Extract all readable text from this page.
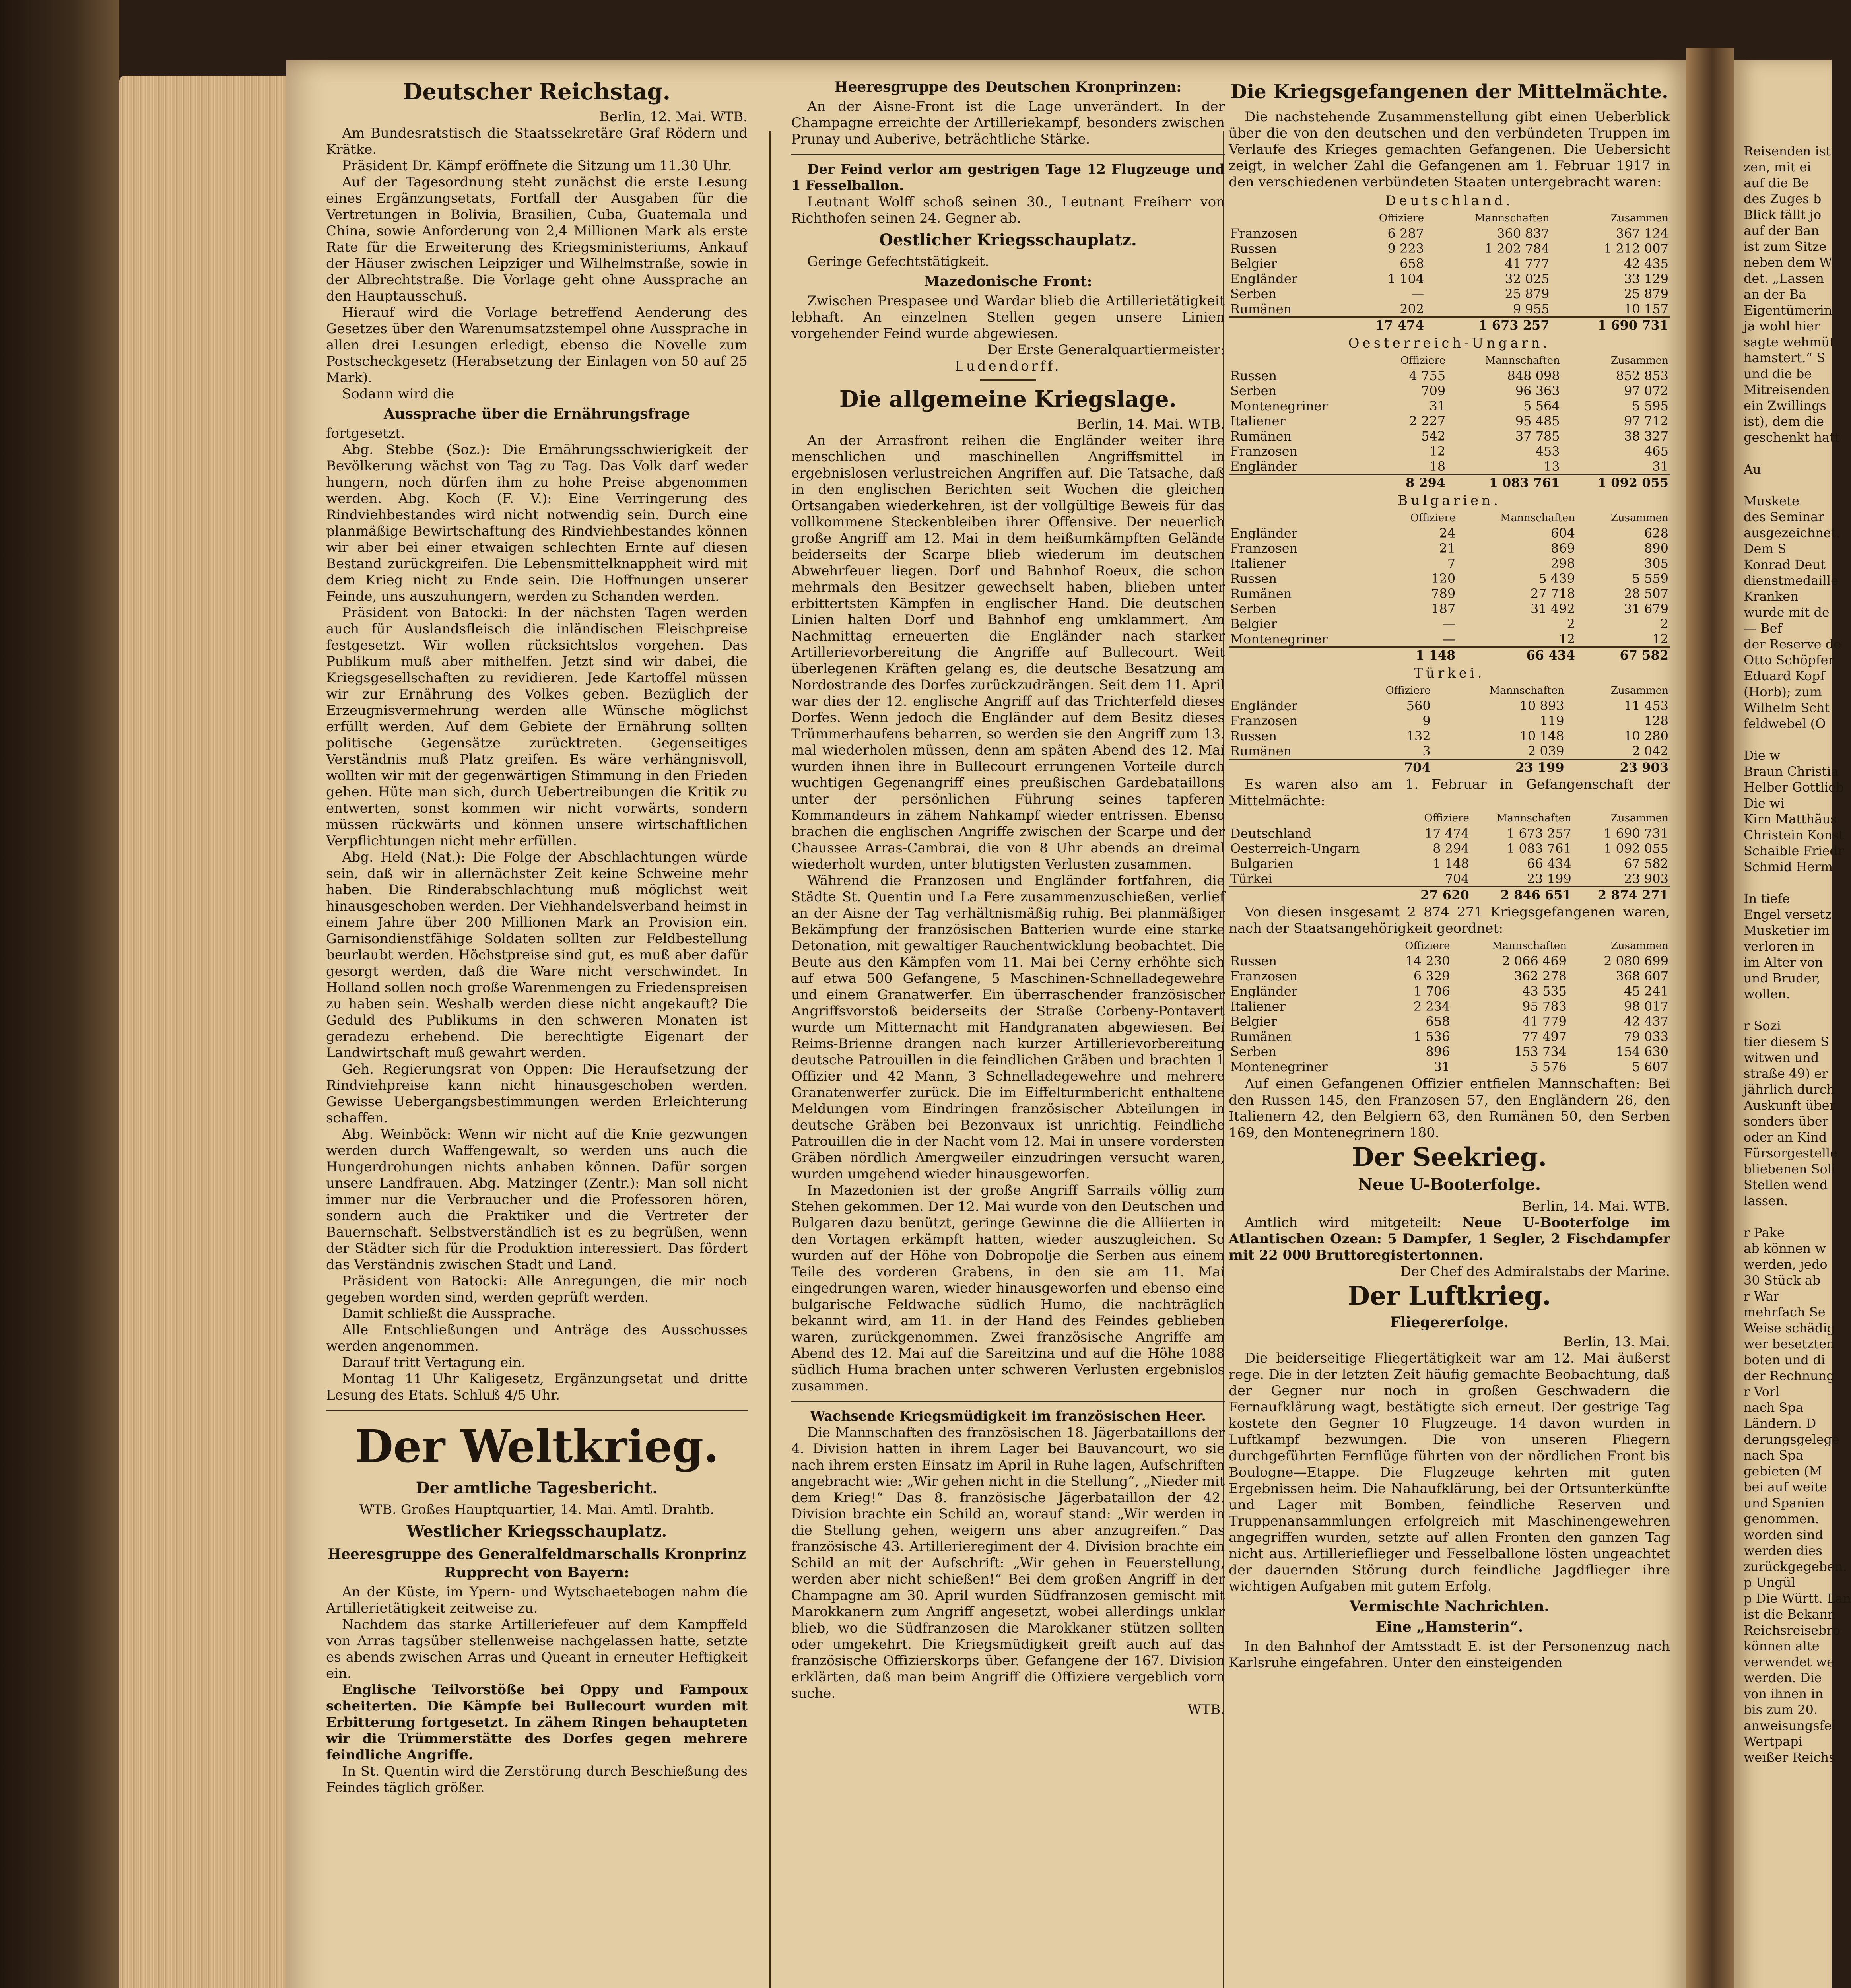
Deutscher Reichstag.

Berlin, 12. Mai. WTB.

Am Bundesratstisch die Staatssekretäre Graf Rödern und Krätke.

Präsident Dr. Kämpf eröffnete die Sitzung um 11.30 Uhr.

Auf der Tagesordnung steht zunächst die erste Lesung eines Ergänzungsetats, Fortfall der Ausgaben für die Vertretungen in Bolivia, Brasilien, Cuba, Guatemala und China, sowie Anforderung von 2,4 Millionen Mark als erste Rate für die Erweiterung des Kriegsministeriums, Ankauf der Häuser zwischen Leipziger und Wilhelmstraße, sowie in der Albrechtstraße. Die Vorlage geht ohne Aussprache an den Hauptausschuß.

Hierauf wird die Vorlage betreffend Aenderung des Gesetzes über den Warenumsatzstempel ohne Aussprache in allen drei Lesungen erledigt, ebenso die Novelle zum Postscheckgesetz (Herabsetzung der Einlagen von 50 auf 25 Mark).

Sodann wird die

Aussprache über die Ernährungsfrage

fortgesetzt.

Abg. Stebbe (Soz.): Die Ernährungsschwierigkeit der Bevölkerung wächst von Tag zu Tag. Das Volk darf weder hungern, noch dürfen ihm zu hohe Preise abgenommen werden. Abg. Koch (F. V.): Eine Verringerung des Rindviehbestandes wird nicht notwendig sein. Durch eine planmäßige Bewirtschaftung des Rindviehbestandes können wir aber bei einer etwaigen schlechten Ernte auf diesen Bestand zurückgreifen. Die Lebensmittelknappheit wird mit dem Krieg nicht zu Ende sein. Die Hoffnungen unserer Feinde, uns auszuhungern, werden zu Schanden werden.

Präsident von Batocki: In der nächsten Tagen werden auch für Auslandsfleisch die inländischen Fleischpreise festgesetzt. Wir wollen rücksichtslos vorgehen. Das Publikum muß aber mithelfen. Jetzt sind wir dabei, die Kriegsgesellschaften zu revidieren. Jede Kartoffel müssen wir zur Ernährung des Volkes geben. Bezüglich der Erzeugnisvermehrung werden alle Wünsche möglichst erfüllt werden. Auf dem Gebiete der Ernährung sollten politische Gegensätze zurücktreten. Gegenseitiges Verständnis muß Platz greifen. Es wäre verhängnisvoll, wollten wir mit der gegenwärtigen Stimmung in den Frieden gehen. Hüte man sich, durch Uebertreibungen die Kritik zu entwerten, sonst kommen wir nicht vorwärts, sondern müssen rückwärts und können unsere wirtschaftlichen Verpflichtungen nicht mehr erfüllen.

Abg. Held (Nat.): Die Folge der Abschlachtungen würde sein, daß wir in allernächster Zeit keine Schweine mehr haben. Die Rinderabschlachtung muß möglichst weit hinausgeschoben werden. Der Viehhandelsverband heimst in einem Jahre über 200 Millionen Mark an Provision ein. Garnisondienstfähige Soldaten sollten zur Feldbestellung beurlaubt werden. Höchstpreise sind gut, es muß aber dafür gesorgt werden, daß die Ware nicht verschwindet. In Holland sollen noch große Warenmengen zu Friedenspreisen zu haben sein. Weshalb werden diese nicht angekauft? Die Geduld des Publikums in den schweren Monaten ist geradezu erhebend. Die berechtigte Eigenart der Landwirtschaft muß gewahrt werden.

Geh. Regierungsrat von Oppen: Die Heraufsetzung der Rindviehpreise kann nicht hinausgeschoben werden. Gewisse Uebergangsbestimmungen werden Erleichterung schaffen.

Abg. Weinböck: Wenn wir nicht auf die Knie gezwungen werden durch Waffengewalt, so werden uns auch die Hungerdrohungen nichts anhaben können. Dafür sorgen unsere Landfrauen. Abg. Matzinger (Zentr.): Man soll nicht immer nur die Verbraucher und die Professoren hören, sondern auch die Praktiker und die Vertreter der Bauernschaft. Selbstverständlich ist es zu begrüßen, wenn der Städter sich für die Produktion interessiert. Das fördert das Verständnis zwischen Stadt und Land.

Präsident von Batocki: Alle Anregungen, die mir noch gegeben worden sind, werden geprüft werden.

Damit schließt die Aussprache.

Alle Entschließungen und Anträge des Ausschusses werden angenommen.

Darauf tritt Vertagung ein.

Montag 11 Uhr Kaligesetz, Ergänzungsetat und dritte Lesung des Etats. Schluß 4/5 Uhr.

Der Weltkrieg.
Der amtliche Tagesbericht.

WTB. Großes Hauptquartier, 14. Mai. Amtl. Drahtb.

Westlicher Kriegsschauplatz.
Heeresgruppe des Generalfeldmarschalls Kronprinz Rupprecht von Bayern:

An der Küste, im Ypern- und Wytschaetebogen nahm die Artillerietätigkeit zeitweise zu.

Nachdem das starke Artilleriefeuer auf dem Kampffeld von Arras tagsüber stellenweise nachgelassen hatte, setzte es abends zwischen Arras und Queant in erneuter Heftigkeit ein.

Englische Teilvorstöße bei Oppy und Fampoux scheiterten. Die Kämpfe bei Bullecourt wurden mit Erbitterung fortgesetzt. In zähem Ringen behaupteten wir die Trümmerstätte des Dorfes gegen mehrere feindliche Angriffe.

In St. Quentin wird die Zerstörung durch Beschießung des Feindes täglich größer.

Heeresgruppe des Deutschen Kronprinzen:

An der Aisne-Front ist die Lage unverändert. In der Champagne erreichte der Artilleriekampf, besonders zwischen Prunay und Auberive, beträchtliche Stärke.

Der Feind verlor am gestrigen Tage 12 Flugzeuge und 1 Fesselballon.

Leutnant Wolff schoß seinen 30., Leutnant Freiherr von Richthofen seinen 24. Gegner ab.

Oestlicher Kriegsschauplatz.

Geringe Gefechtstätigkeit.

Mazedonische Front:

Zwischen Prespasee und Wardar blieb die Artillerietätigkeit lebhaft. An einzelnen Stellen gegen unsere Linien vorgehender Feind wurde abgewiesen.

Der Erste Generalquartiermeister:

Ludendorff.

Die allgemeine Kriegslage.

Berlin, 14. Mai. WTB.

An der Arrasfront reihen die Engländer weiter ihre menschlichen und maschinellen Angriffsmittel in ergebnislosen verlustreichen Angriffen auf. Die Tatsache, daß in den englischen Berichten seit Wochen die gleichen Ortsangaben wiederkehren, ist der vollgültige Beweis für das vollkommene Steckenbleiben ihrer Offensive. Der neuerlich große Angriff am 12. Mai in dem heißumkämpften Gelände beiderseits der Scarpe blieb wiederum im deutschen Abwehrfeuer liegen. Dorf und Bahnhof Roeux, die schon mehrmals den Besitzer gewechselt haben, blieben unter erbittertsten Kämpfen in englischer Hand. Die deutschen Linien halten Dorf und Bahnhof eng umklammert. Am Nachmittag erneuerten die Engländer nach starker Artillerievorbereitung die Angriffe auf Bullecourt. Weit überlegenen Kräften gelang es, die deutsche Besatzung am Nordostrande des Dorfes zurückzudrängen. Seit dem 11. April war dies der 12. englische Angriff auf das Trichterfeld dieses Dorfes. Wenn jedoch die Engländer auf dem Besitz dieses Trümmerhaufens beharren, so werden sie den Angriff zum 13. mal wiederholen müssen, denn am späten Abend des 12. Mai wurden ihnen ihre in Bullecourt errungenen Vorteile durch wuchtigen Gegenangriff eines preußischen Gardebataillons unter der persönlichen Führung seines tapferen Kommandeurs in zähem Nahkampf wieder entrissen. Ebenso brachen die englischen Angriffe zwischen der Scarpe und der Chaussee Arras-Cambrai, die von 8 Uhr abends an dreimal wiederholt wurden, unter blutigsten Verlusten zusammen.

Während die Franzosen und Engländer fortfahren, die Städte St. Quentin und La Fere zusammenzuschießen, verlief an der Aisne der Tag verhältnismäßig ruhig. Bei planmäßiger Bekämpfung der französischen Batterien wurde eine starke Detonation, mit gewaltiger Rauchentwicklung beobachtet. Die Beute aus den Kämpfen vom 11. Mai bei Cerny erhöhte sich auf etwa 500 Gefangene, 5 Maschinen-Schnelladegewehre und einem Granatwerfer. Ein überraschender französischer Angriffsvorstoß beiderseits der Straße Corbeny-Pontavert wurde um Mitternacht mit Handgranaten abgewiesen. Bei Reims-Brienne drangen nach kurzer Artillerievorbereitung deutsche Patrouillen in die feindlichen Gräben und brachten 1 Offizier und 42 Mann, 3 Schnelladegewehre und mehrere Granatenwerfer zurück. Die im Eiffelturmbericht enthaltene Meldungen vom Eindringen französischer Abteilungen in deutsche Gräben bei Bezonvaux ist unrichtig. Feindliche Patrouillen die in der Nacht vom 12. Mai in unsere vordersten Gräben nördlich Amergweiler einzudringen versucht waren, wurden umgehend wieder hinausgeworfen.

In Mazedonien ist der große Angriff Sarrails völlig zum Stehen gekommen. Der 12. Mai wurde von den Deutschen und Bulgaren dazu benützt, geringe Gewinne die die Alliierten in den Vortagen erkämpft hatten, wieder auszugleichen. So wurden auf der Höhe von Dobropolje die Serben aus einem Teile des vorderen Grabens, in den sie am 11. Mai eingedrungen waren, wieder hinausgeworfen und ebenso eine bulgarische Feldwache südlich Humo, die nachträglich bekannt wird, am 11. in der Hand des Feindes geblieben waren, zurückgenommen. Zwei französische Angriffe am Abend des 12. Mai auf die Sareitzina und auf die Höhe 1088 südlich Huma brachen unter schweren Verlusten ergebnislos zusammen.

Wachsende Kriegsmüdigkeit im französischen Heer.

Die Mannschaften des französischen 18. Jägerbataillons der 4. Division hatten in ihrem Lager bei Bauvancourt, wo sie nach ihrem ersten Einsatz im April in Ruhe lagen, Aufschriften angebracht wie: „Wir gehen nicht in die Stellung“, „Nieder mit dem Krieg!“ Das 8. französische Jägerbataillon der 42. Division brachte ein Schild an, worauf stand: „Wir werden in die Stellung gehen, weigern uns aber anzugreifen.“ Das französische 43. Artillerieregiment der 4. Division brachte ein Schild an mit der Aufschrift: „Wir gehen in Feuerstellung, werden aber nicht schießen!“ Bei dem großen Angriff in der Champagne am 30. April wurden Südfranzosen gemischt mit Marokkanern zum Angriff angesetzt, wobei allerdings unklar blieb, wo die Südfranzosen die Marokkaner stützen sollten oder umgekehrt. Die Kriegsmüdigkeit greift auch auf das französische Offizierskorps über. Gefangene der 167. Division erklärten, daß man beim Angriff die Offiziere vergeblich vorn suche.

WTB.

Die Kriegsgefangenen der Mittelmächte.

Die nachstehende Zusammenstellung gibt einen Ueberblick über die von den deutschen und den verbündeten Truppen im Verlaufe des Krieges gemachten Gefangenen. Die Uebersicht zeigt, in welcher Zahl die Gefangenen am 1. Februar 1917 in den verschiedenen verbündeten Staaten untergebracht waren:

Deutschland.
	Offiziere	Mannschaften	Zusammen
Franzosen	6 287	360 837	367 124
Russen	9 223	1 202 784	1 212 007
Belgier	658	41 777	42 435
Engländer	1 104	32 025	33 129
Serben	—	25 879	25 879
Rumänen	202	9 955	10 157
	17 474	1 673 257	1 690 731
Oesterreich-Ungarn.
	Offiziere	Mannschaften	Zusammen
Russen	4 755	848 098	852 853
Serben	709	96 363	97 072
Montenegriner	31	5 564	5 595
Italiener	2 227	95 485	97 712
Rumänen	542	37 785	38 327
Franzosen	12	453	465
Engländer	18	13	31
	8 294	1 083 761	1 092 055
Bulgarien.
	Offiziere	Mannschaften	Zusammen
Engländer	24	604	628
Franzosen	21	869	890
Italiener	7	298	305
Russen	120	5 439	5 559
Rumänen	789	27 718	28 507
Serben	187	31 492	31 679
Belgier	—	2	2
Montenegriner	—	12	12
	1 148	66 434	67 582
Türkei.
	Offiziere	Mannschaften	Zusammen
Engländer	560	10 893	11 453
Franzosen	9	119	128
Russen	132	10 148	10 280
Rumänen	3	2 039	2 042
	704	23 199	23 903

Es waren also am 1. Februar in Gefangenschaft der Mittelmächte:

	Offiziere	Mannschaften	Zusammen
Deutschland	17 474	1 673 257	1 690 731
Oesterreich-Ungarn	8 294	1 083 761	1 092 055
Bulgarien	1 148	66 434	67 582
Türkei	704	23 199	23 903
	27 620	2 846 651	2 874 271

Von diesen insgesamt 2 874 271 Kriegsgefangenen waren, nach der Staatsangehörigkeit geordnet:

	Offiziere	Mannschaften	Zusammen
Russen	14 230	2 066 469	2 080 699
Franzosen	6 329	362 278	368 607
Engländer	1 706	43 535	45 241
Italiener	2 234	95 783	98 017
Belgier	658	41 779	42 437
Rumänen	1 536	77 497	79 033
Serben	896	153 734	154 630
Montenegriner	31	5 576	5 607

Auf einen Gefangenen Offizier entfielen Mannschaften: Bei den Russen 145, den Franzosen 57, den Engländern 26, den Italienern 42, den Belgiern 63, den Rumänen 50, den Serben 169, den Montenegrinern 180.

Der Seekrieg.
Neue U-Booterfolge.

Berlin, 14. Mai. WTB.

Amtlich wird mitgeteilt: Neue U-Booterfolge im Atlantischen Ozean: 5 Dampfer, 1 Segler, 2 Fischdampfer mit 22 000 Bruttoregistertonnen.

Der Chef des Admiralstabs der Marine.

Der Luftkrieg.
Fliegererfolge.

Berlin, 13. Mai.

Die beiderseitige Fliegertätigkeit war am 12. Mai äußerst rege. Die in der letzten Zeit häufig gemachte Beobachtung, daß der Gegner nur noch in großen Geschwadern die Fernaufklärung wagt, bestätigte sich erneut. Der gestrige Tag kostete den Gegner 10 Flugzeuge. 14 davon wurden in Luftkampf bezwungen. Die von unseren Fliegern durchgeführten Fernflüge führten von der nördlichen Front bis Boulogne—Etappe. Die Flugzeuge kehrten mit guten Ergebnissen heim. Die Nahaufklärung, bei der Ortsunterkünfte und Lager mit Bomben, feindliche Reserven und Truppenansammlungen erfolgreich mit Maschinengewehren angegriffen wurden, setzte auf allen Fronten den ganzen Tag nicht aus. Artillerieflieger und Fesselballone lösten ungeachtet der dauernden Störung durch feindliche Jagdflieger ihre wichtigen Aufgaben mit gutem Erfolg.

Vermischte Nachrichten.
Eine „Hamsterin“.

In den Bahnhof der Amtsstadt E. ist der Personenzug nach Karlsruhe eingefahren. Unter den einsteigenden

Reisenden ist
zen, mit ei
auf die Be
des Zuges b
Blick fällt jo
auf der Ban
ist zum Sitze
neben dem W
det. „Lassen
an der Ba
Eigentümerin
ja wohl hier
sagte wehmüt
hamstert.“ S
und die be
Mitreisenden
ein Zwillings
ist), dem die
geschenkt hatt

Au

Muskete
des Seminar
ausgezeichnet.
Dem S
Konrad Deut
dienstmedaille
Kranken
wurde mit de
— Bef
der Reserve de
Otto Schöpfer
Eduard Kopf
(Horb); zum
Wilhelm Scht
feldwebel (O

Die w
Braun Christia
Helber Gottlieb
Die wi
Kirn Matthäus
Christein Konst
Schaible Friedr
Schmid Herm

In tiefe
Engel versetz
Musketier im
verloren in
im Alter von
und Bruder,
wollen.

r Sozi
tier diesem S
witwen und
straße 49) er
jährlich durch
Auskunft über
sonders über
oder an Kind
Fürsorgestelle
bliebenen Soli
Stellen wend
lassen.

r Pake
ab können w
werden, jedo
30 Stück ab
r War
mehrfach Se
Weise schädig
wer besetzten
boten und di
der Rechnung
r Vorl
nach Spa
Ländern. D
derungsgelege
nach Spa
gebieten (M
bei auf weite
und Spanien
genommen.
worden sind
werden dies
zurückgegeben.
p Ungül
p Die Württ. Lan
ist die Bekann
Reichsreisebro
können alte
verwendet we
werden. Die
von ihnen in
bis zum 20.
anweisungsfel
Wertpapi
weißer Reichs
